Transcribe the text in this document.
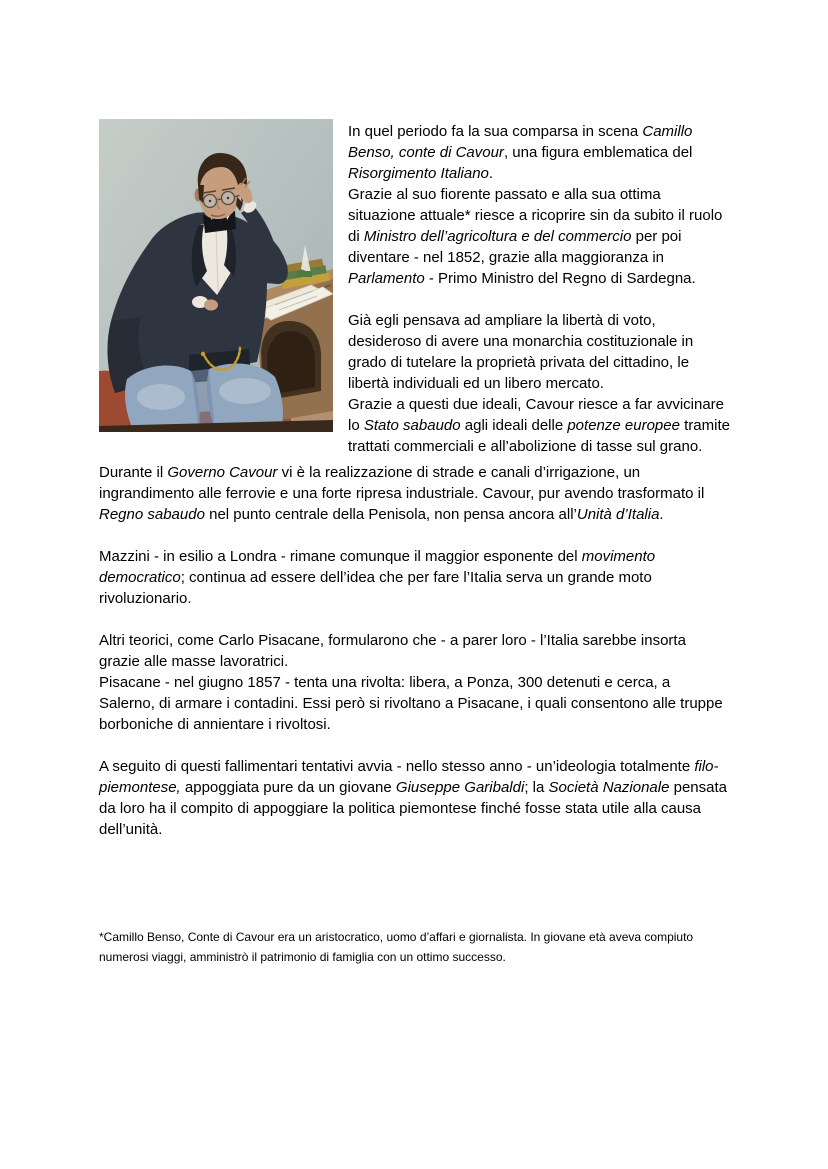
In quel periodo fa la sua comparsa in scena Camillo Benso, conte di Cavour, una figura emblematica del Risorgimento Italiano.

Grazie al suo fiorente passato e alla sua ottima situazione attuale* riesce a ricoprire sin da subito il ruolo di Ministro dell’agricoltura e del commercio per poi diventare - nel 1852, grazie alla maggioranza in Parlamento - Primo Ministro del Regno di Sardegna.

Già egli pensava ad ampliare la libertà di voto, desideroso di avere una monarchia costituzionale in grado di tutelare la proprietà privata del cittadino, le libertà individuali ed un libero mercato.

Grazie a questi due ideali, Cavour riesce a far avvicinare lo Stato sabaudo agli ideali delle potenze europee tramite trattati commerciali e all’abolizione di tasse sul grano.

Durante il Governo Cavour vi è la realizzazione di strade e canali d’irrigazione, un ingrandimento alle ferrovie e una forte ripresa industriale. Cavour, pur avendo trasformato il Regno sabaudo nel punto centrale della Penisola, non pensa ancora all’Unità d’Italia.

Mazzini - in esilio a Londra - rimane comunque il maggior esponente del movimento democratico; continua ad essere dell’idea che per fare l’Italia serva un grande moto rivoluzionario.

Altri teorici, come Carlo Pisacane, formularono che - a parer loro - l’Italia sarebbe insorta grazie alle masse lavoratrici.

Pisacane - nel giugno 1857 - tenta una rivolta: libera, a Ponza, 300 detenuti e cerca, a Salerno, di armare i contadini. Essi però si rivoltano a Pisacane, i quali consentono alle truppe borboniche di annientare i rivoltosi.

A seguito di questi fallimentari tentativi avvia - nello stesso anno - un’ideologia totalmente filo-piemontese, appoggiata pure da un giovane Giuseppe Garibaldi; la Società Nazionale pensata da loro ha il compito di appoggiare la politica piemontese finché fosse stata utile alla causa dell’unità.

*Camillo Benso, Conte di Cavour era un aristocratico, uomo d’affari e giornalista. In giovane età aveva compiuto numerosi viaggi, amministrò il patrimonio di famiglia con un ottimo successo.
